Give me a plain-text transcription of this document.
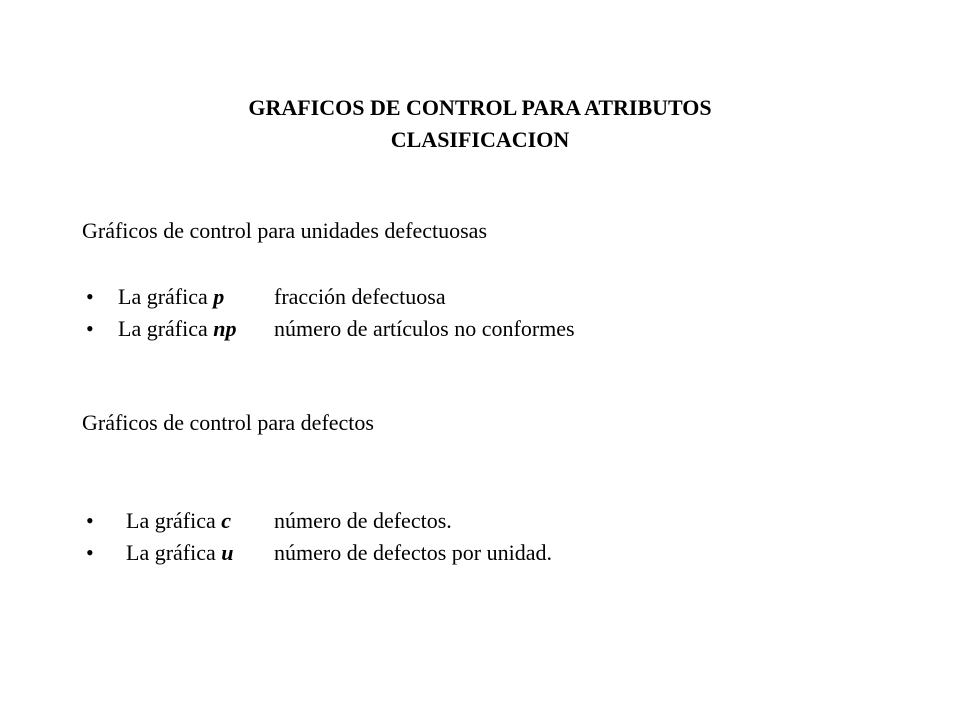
GRAFICOS DE CONTROL PARA ATRIBUTOS
CLASIFICACION
Gráficos de control para unidades defectuosas
• La gráfica p fracción defectuosa
• La gráfica np número de artículos no conformes
Gráficos de control para defectos
• La gráfica c número de defectos.
• La gráfica u número de defectos por unidad.
